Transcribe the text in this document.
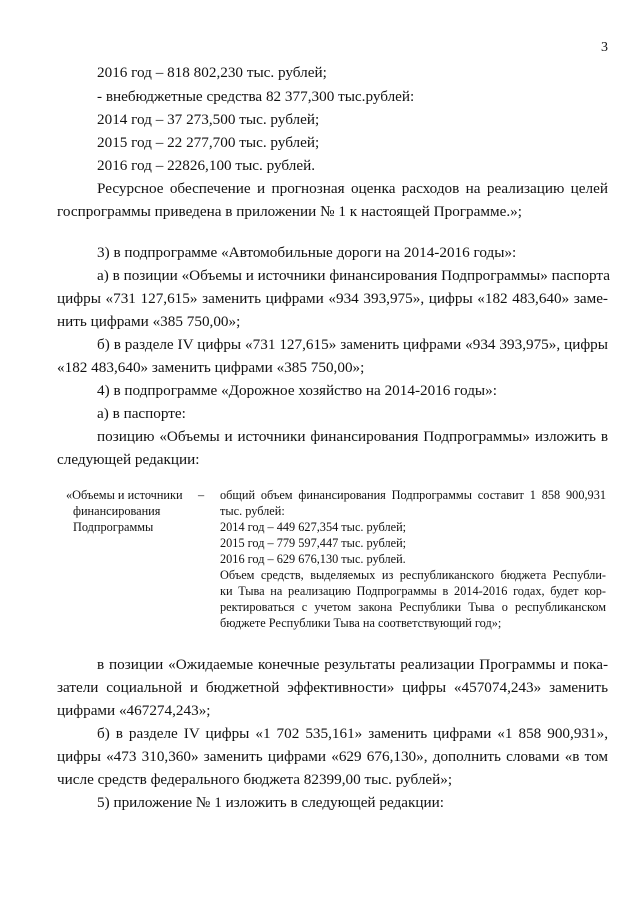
3
2016 год – 818 802,230 тыс. рублей;
- внебюджетные средства 82 377,300 тыс.рублей:
2014 год – 37 273,500 тыс. рублей;
2015 год – 22 277,700 тыс. рублей;
2016 год – 22826,100 тыс. рублей.
Ресурсное обеспечение и прогнозная оценка расходов на реализацию целей
госпрограммы приведена в приложении № 1 к настоящей Программе.»;
3) в подпрограмме «Автомобильные дороги на 2014-2016 годы»:
а) в позиции «Объемы и источники финансирования Подпрограммы» паспорта
цифры «731 127,615» заменить цифрами «934 393,975», цифры «182 483,640» заме-
нить цифрами «385 750,00»;
б) в разделе IV цифры «731 127,615» заменить цифрами «934 393,975», цифры
«182 483,640» заменить цифрами «385 750,00»;
4) в подпрограмме «Дорожное хозяйство на 2014-2016 годы»:
а) в паспорте:
позицию «Объемы и источники финансирования Подпрограммы» изложить в
следующей редакции:
«Объемы и источники
финансирования
Подпрограммы
– общий объем финансирования Подпрограммы составит 1 858 900,931
тыс. рублей:
2014 год – 449 627,354 тыс. рублей;
2015 год – 779 597,447 тыс. рублей;
2016 год – 629 676,130 тыс. рублей.
Объем средств, выделяемых из республиканского бюджета Республи-
ки Тыва на реализацию Подпрограммы в 2014-2016 годах, будет кор-
ректироваться с учетом закона Республики Тыва о республиканском
бюджете Республики Тыва на соответствующий год»;
в позиции «Ожидаемые конечные результаты реализации Программы и пока-
затели социальной и бюджетной эффективности» цифры «457074,243» заменить
цифрами «467274,243»;
б) в разделе IV цифры «1 702 535,161» заменить цифрами «1 858 900,931»,
цифры «473 310,360» заменить цифрами «629 676,130», дополнить словами «в том
числе средств федерального бюджета 82399,00 тыс. рублей»;
5) приложение № 1 изложить в следующей редакции:
